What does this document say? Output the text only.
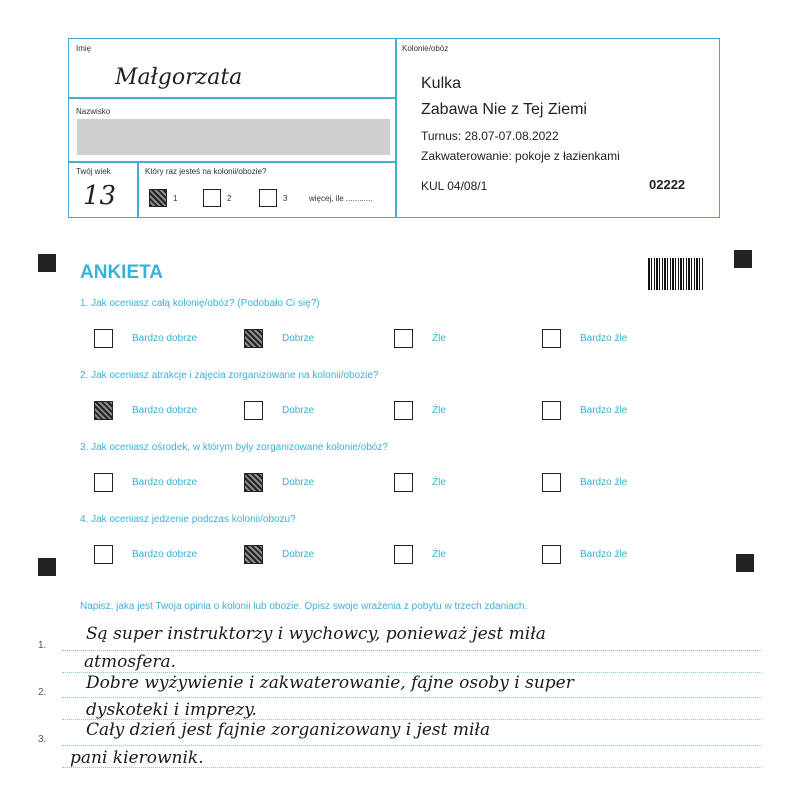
Imię
Małgorzata
Nazwisko
Twój wiek
13
Który raz jesteś na kolonii/obozie?
1	2	3	więcej, ile ............
Kolonie/obóz
Kulka
Zabawa Nie z Tej Ziemi
Turnus: 28.07-07.08.2022
Zakwaterowanie: pokoje z łazienkami
KUL 04/08/1	02222
ANKIETA
1. Jak oceniasz całą kolonię/obóz? (Podobało Ci się?)
Bardzo dobrze	Dobrze	Źle	Bardzo źle
2. Jak oceniasz atrakcje i zajęcia zorganizowane na kolonii/obozie?
Bardzo dobrze	Dobrze	Źle	Bardzo źle
3. Jak oceniasz ośrodek, w którym były zorganizowane kolonie/obóz?
Bardzo dobrze	Dobrze	Źle	Bardzo źle
4. Jak oceniasz jedzenie podczas kolonii/obozu?
Bardzo dobrze	Dobrze	Źle	Bardzo źle
Napisz, jaka jest Twoja opinia o kolonii lub obozie. Opisz swoje wrażenia z pobytu w trzech zdaniach.
1.
2.
3.
Są super instruktorzy i wychowcy, ponieważ jest miła
atmosfera.
Dobre wyżywienie i zakwaterowanie, fajne osoby i super
dyskoteki i imprezy.
Cały dzień jest fajnie zorganizowany i jest miła
pani kierownik.
